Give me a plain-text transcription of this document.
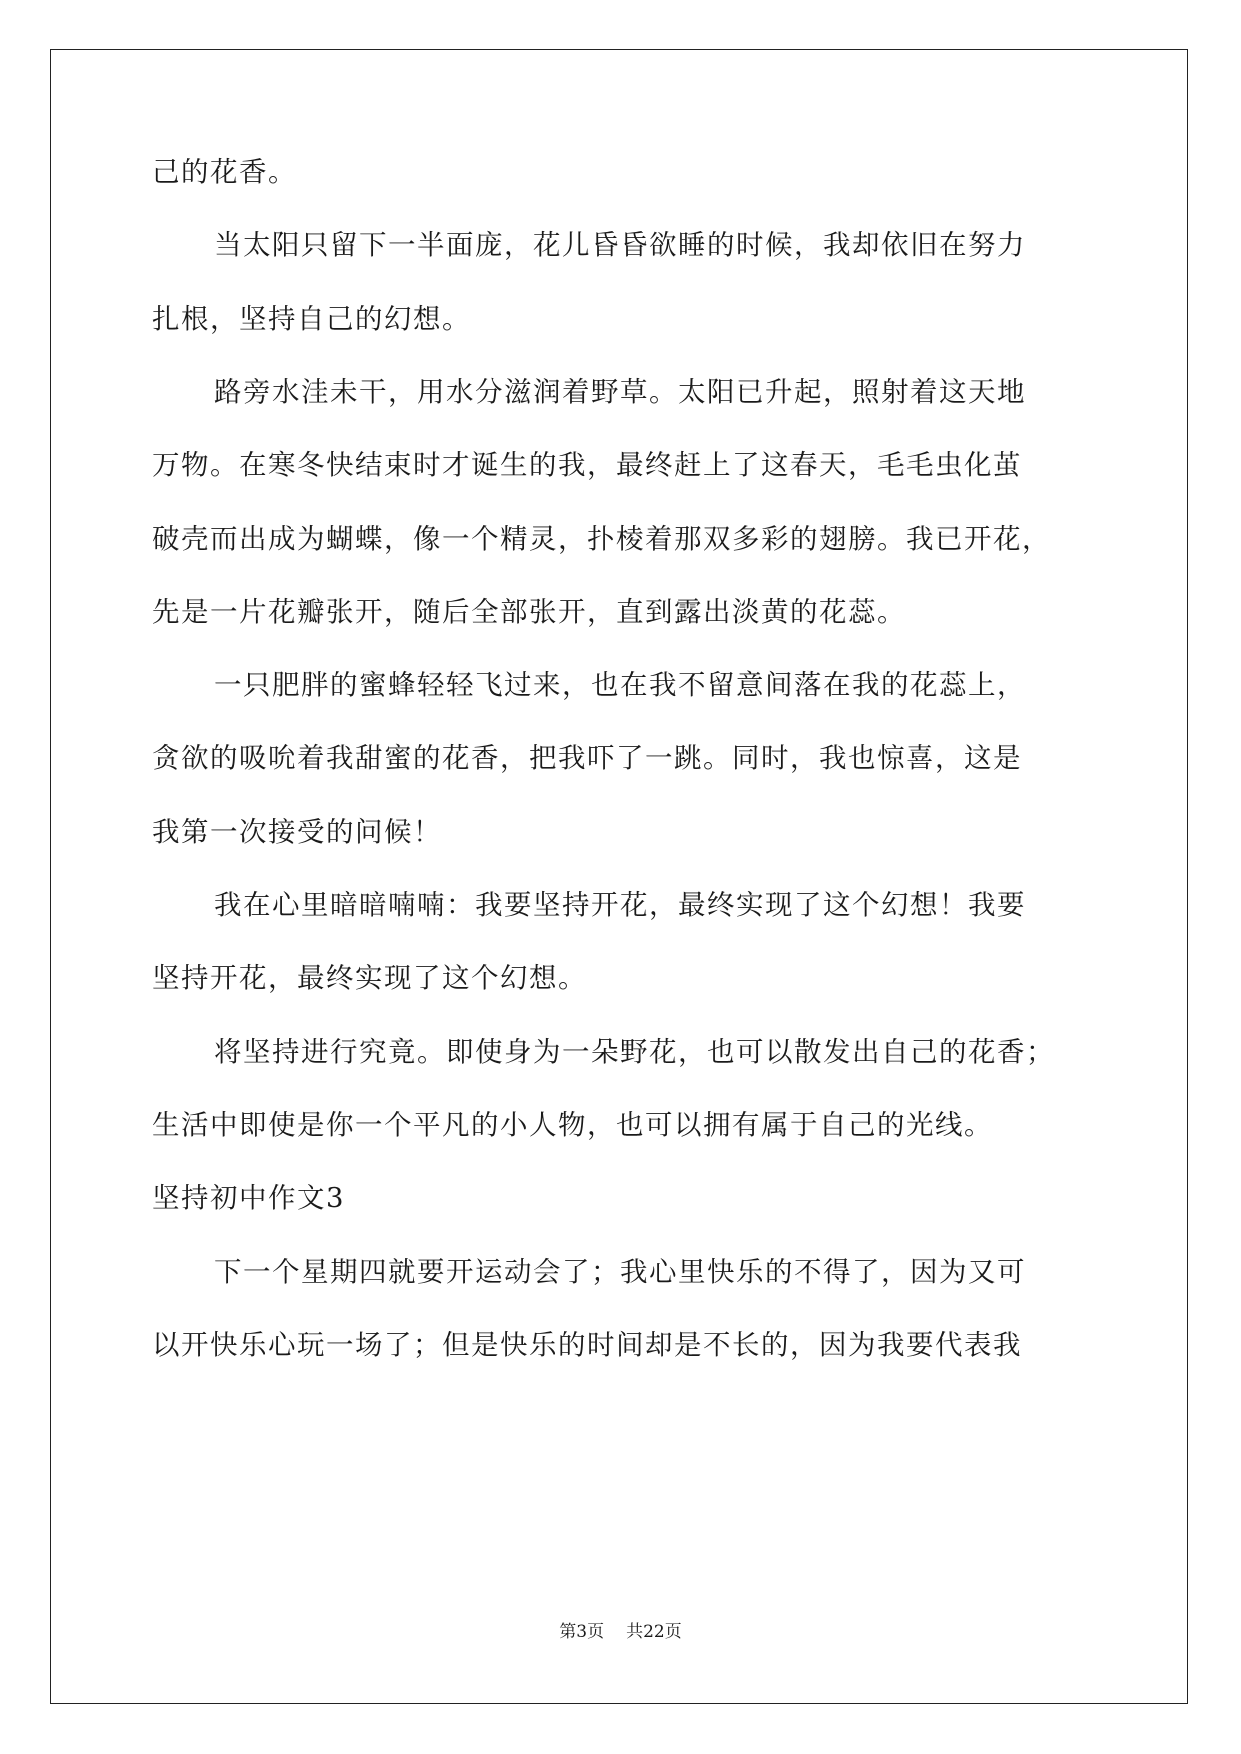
己的花香。
当太阳只留下一半面庞，花儿昏昏欲睡的时候，我却依旧在努力
扎根，坚持自己的幻想。
路旁水洼未干，用水分滋润着野草。太阳已升起，照射着这天地
万物。在寒冬快结束时才诞生的我，最终赶上了这春天，毛毛虫化茧
破壳而出成为蝴蝶，像一个精灵，扑棱着那双多彩的翅膀。我已开花，
先是一片花瓣张开，随后全部张开，直到露出淡黄的花蕊。
一只肥胖的蜜蜂轻轻飞过来，也在我不留意间落在我的花蕊上，
贪欲的吸吮着我甜蜜的花香，把我吓了一跳。同时，我也惊喜，这是
我第一次接受的问候！
我在心里暗暗喃喃：我要坚持开花，最终实现了这个幻想！我要
坚持开花，最终实现了这个幻想。
将坚持进行究竟。即使身为一朵野花，也可以散发出自己的花香；
生活中即使是你一个平凡的小人物，也可以拥有属于自己的光线。
坚持初中作文3
下一个星期四就要开运动会了；我心里快乐的不得了，因为又可
以开快乐心玩一场了；但是快乐的时间却是不长的，因为我要代表我
第3页 共22页
